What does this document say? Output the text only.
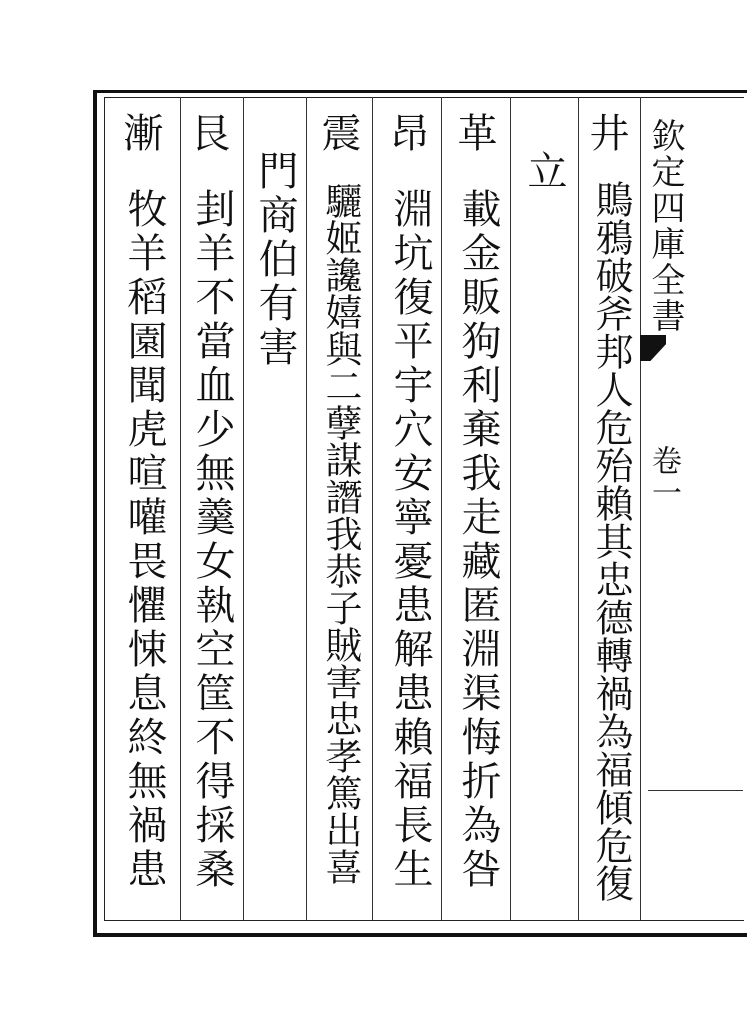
欽定四庫全書
卷一
井
鵙鴉破斧邦人危殆賴其忠德轉禍為福傾危復
立
革
載金販狗利棄我走藏匿淵渠悔折為咎
昂
淵坑復平宇穴安寧憂患解患賴福長生
震
驪姬讒嬉與二孽謀譖我恭子賊害忠孝篤出喜
門商伯有害
艮
刲羊不當血少無羹女執空筐不得採桑
漸
牧羊稻園聞虎喧嚾畏懼悚息終無禍患
